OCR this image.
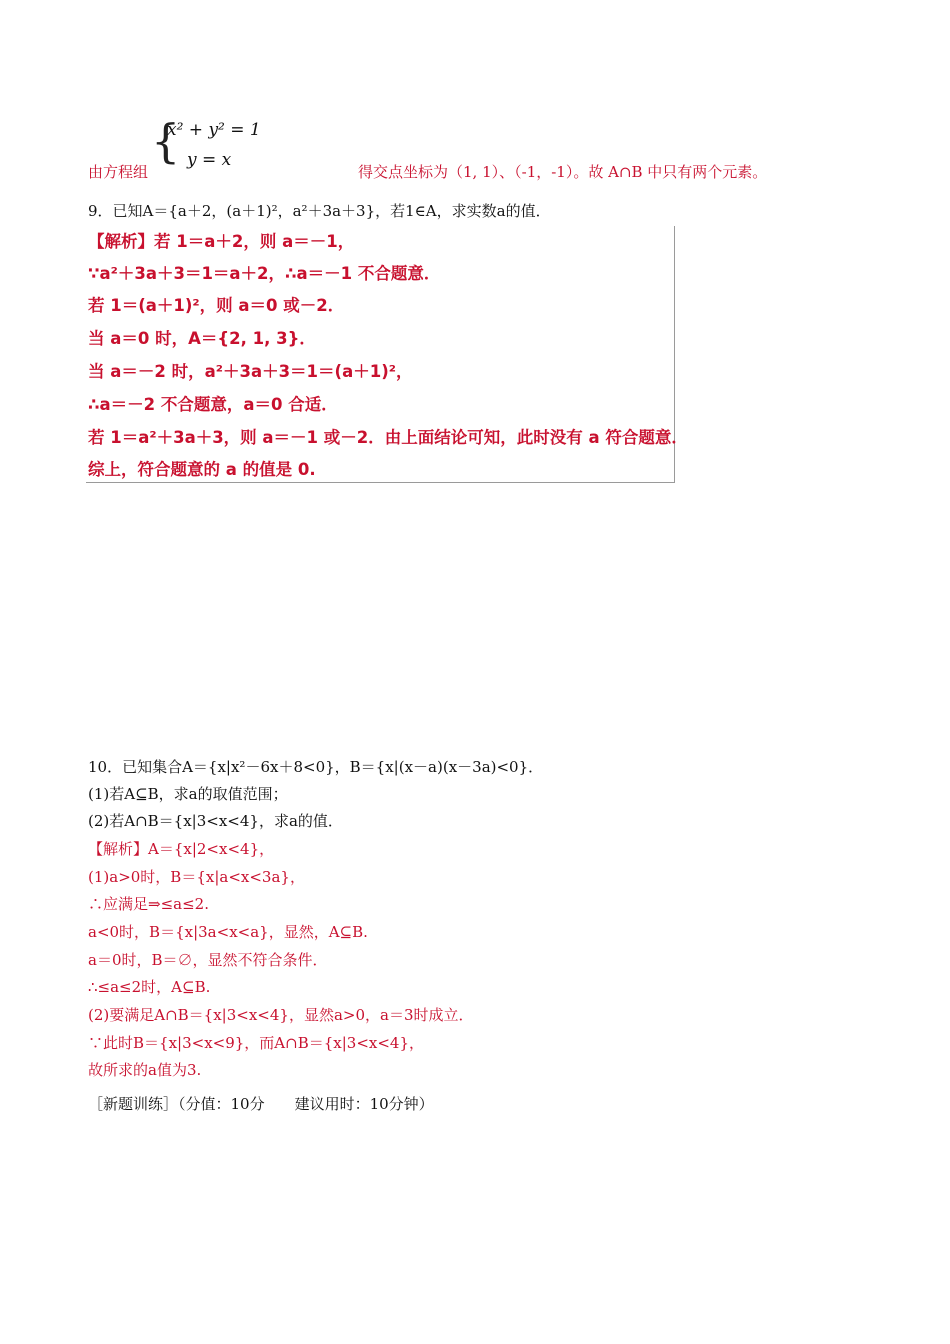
{
x² + y² = 1
y = x
由方程组	得交点坐标为（1, 1）、（-1，-1）。故 A∩B 中只有两个元素。
9．已知A＝{a＋2，(a＋1)²，a²＋3a＋3}，若1∈A，求实数a的值．
【解析】若 1＝a＋2，则 a＝－1，
∵a²＋3a＋3＝1＝a＋2，∴a＝－1 不合题意．
若 1＝(a＋1)²，则 a＝0 或－2．
当 a＝0 时，A＝{2, 1, 3}．
当 a＝－2 时，a²＋3a＋3＝1＝(a＋1)²，
∴a＝－2 不合题意，a＝0 合适．
若 1＝a²＋3a＋3，则 a＝－1 或－2．由上面结论可知，此时没有 a 符合题意．
综上，符合题意的 a 的值是 0.
10．已知集合A＝{x|x²－6x＋8<0}，B＝{x|(x－a)(x－3a)<0}．
(1)若A⊆B，求a的取值范围；
(2)若A∩B＝{x|3<x<4}，求a的值．
【解析】A＝{x|2<x<4}，
(1)a>0时，B＝{x|a<x<3a}，
∴应满足⇒≤a≤2.
a<0时，B＝{x|3a<x<a}，显然，A⊆B.
a＝0时，B＝∅，显然不符合条件．
∴≤a≤2时，A⊆B.
(2)要满足A∩B＝{x|3<x<4}，显然a>0，a＝3时成立．
∵此时B＝{x|3<x<9}，而A∩B＝{x|3<x<4}，
故所求的a值为3.
［新题训练］（分值：10分　　建议用时：10分钟）
